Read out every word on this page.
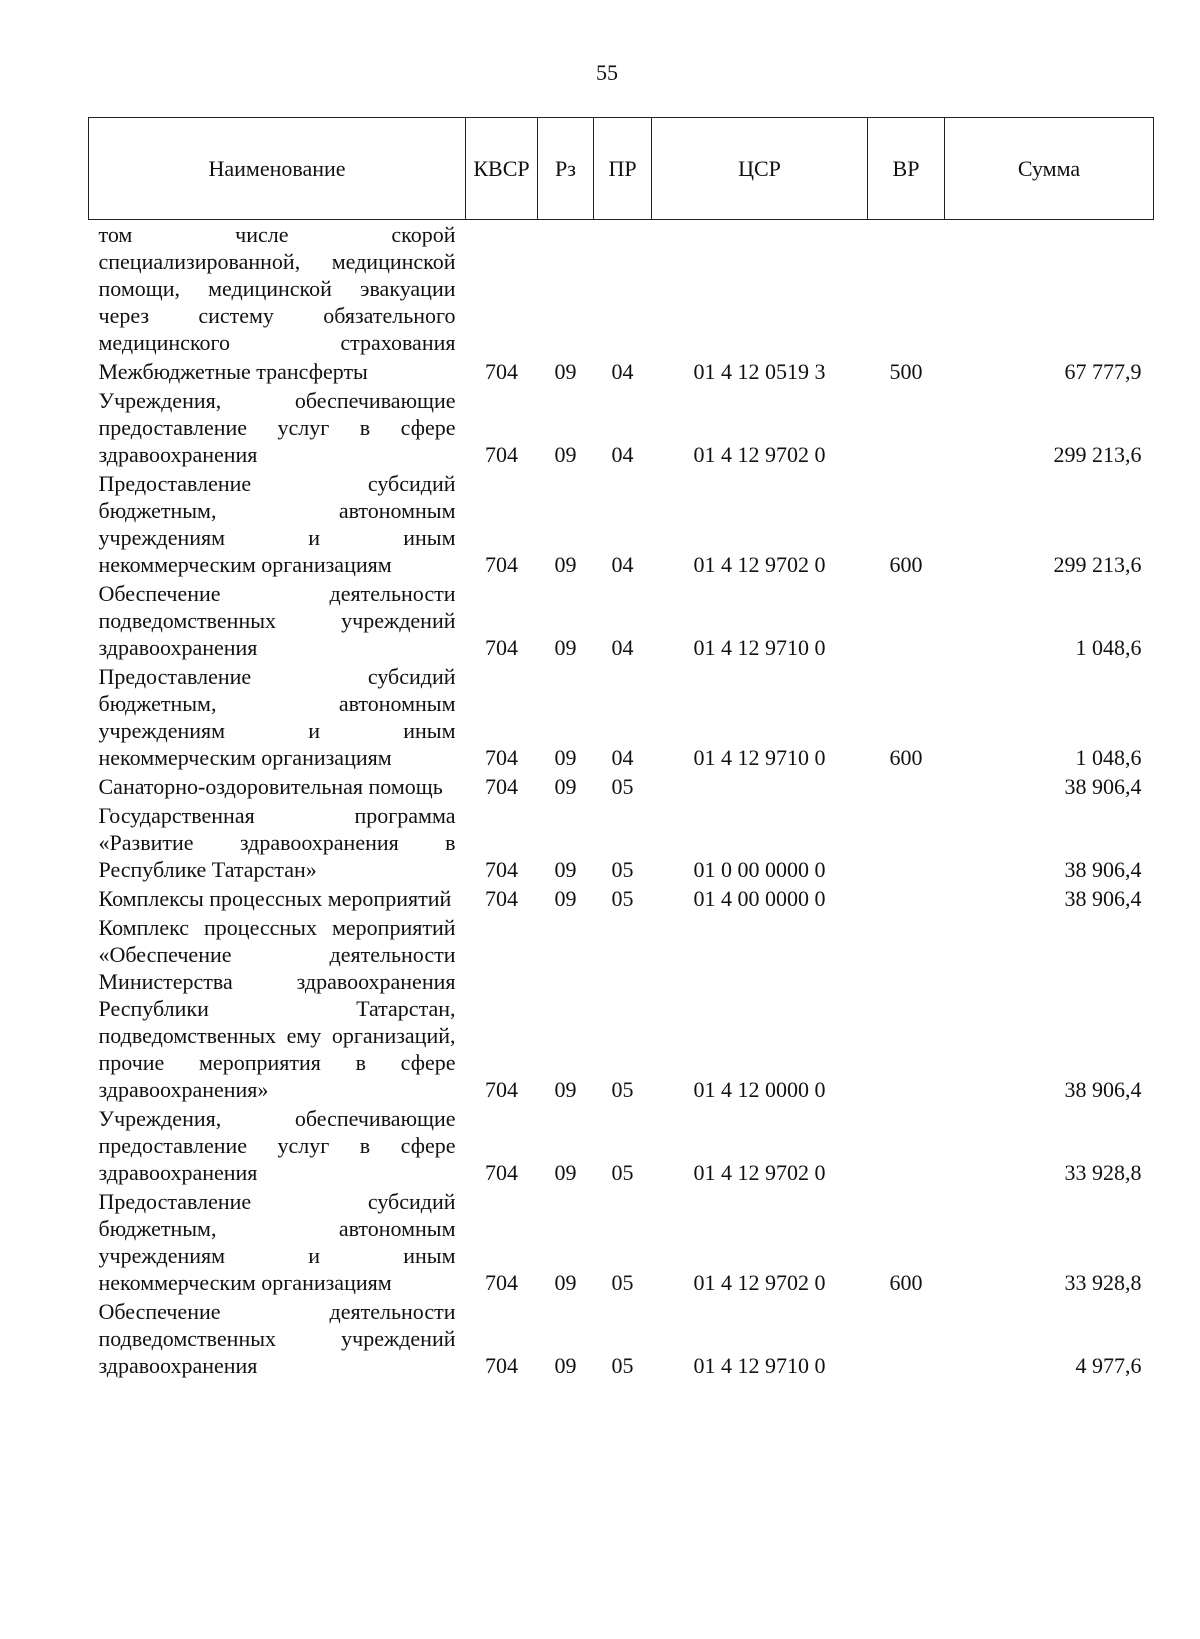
55
Наименование	КВСР	Рз	ПР	ЦСР	ВР	Сумма
том числе скорой специализированной, медицинской помощи, медицинской эвакуации через систему обязательного медицинского страхования						
Межбюджетные трансферты	704	09	04	01 4 12 0519 3	500	67 777,9
Учреждения, обеспечивающие предоставление услуг в сфере здравоохранения	704	09	04	01 4 12 9702 0		299 213,6
Предоставление субсидий бюджетным, автономным учреждениям и иным некоммерческим организациям	704	09	04	01 4 12 9702 0	600	299 213,6
Обеспечение деятельности подведомственных учреждений здравоохранения	704	09	04	01 4 12 9710 0		1 048,6
Предоставление субсидий бюджетным, автономным учреждениям и иным некоммерческим организациям	704	09	04	01 4 12 9710 0	600	1 048,6
Санаторно-оздоровительная помощь	704	09	05			38 906,4
Государственная программа «Развитие здравоохранения в Республике Татарстан»	704	09	05	01 0 00 0000 0		38 906,4
Комплексы процессных мероприятий	704	09	05	01 4 00 0000 0		38 906,4
Комплекс процессных мероприятий «Обеспечение деятельности Министерства здравоохранения Республики Татарстан, подведомственных ему организаций, прочие мероприятия в сфере здравоохранения»	704	09	05	01 4 12 0000 0		38 906,4
Учреждения, обеспечивающие предоставление услуг в сфере здравоохранения	704	09	05	01 4 12 9702 0		33 928,8
Предоставление субсидий бюджетным, автономным учреждениям и иным некоммерческим организациям	704	09	05	01 4 12 9702 0	600	33 928,8
Обеспечение деятельности подведомственных учреждений здравоохранения	704	09	05	01 4 12 9710 0		4 977,6
